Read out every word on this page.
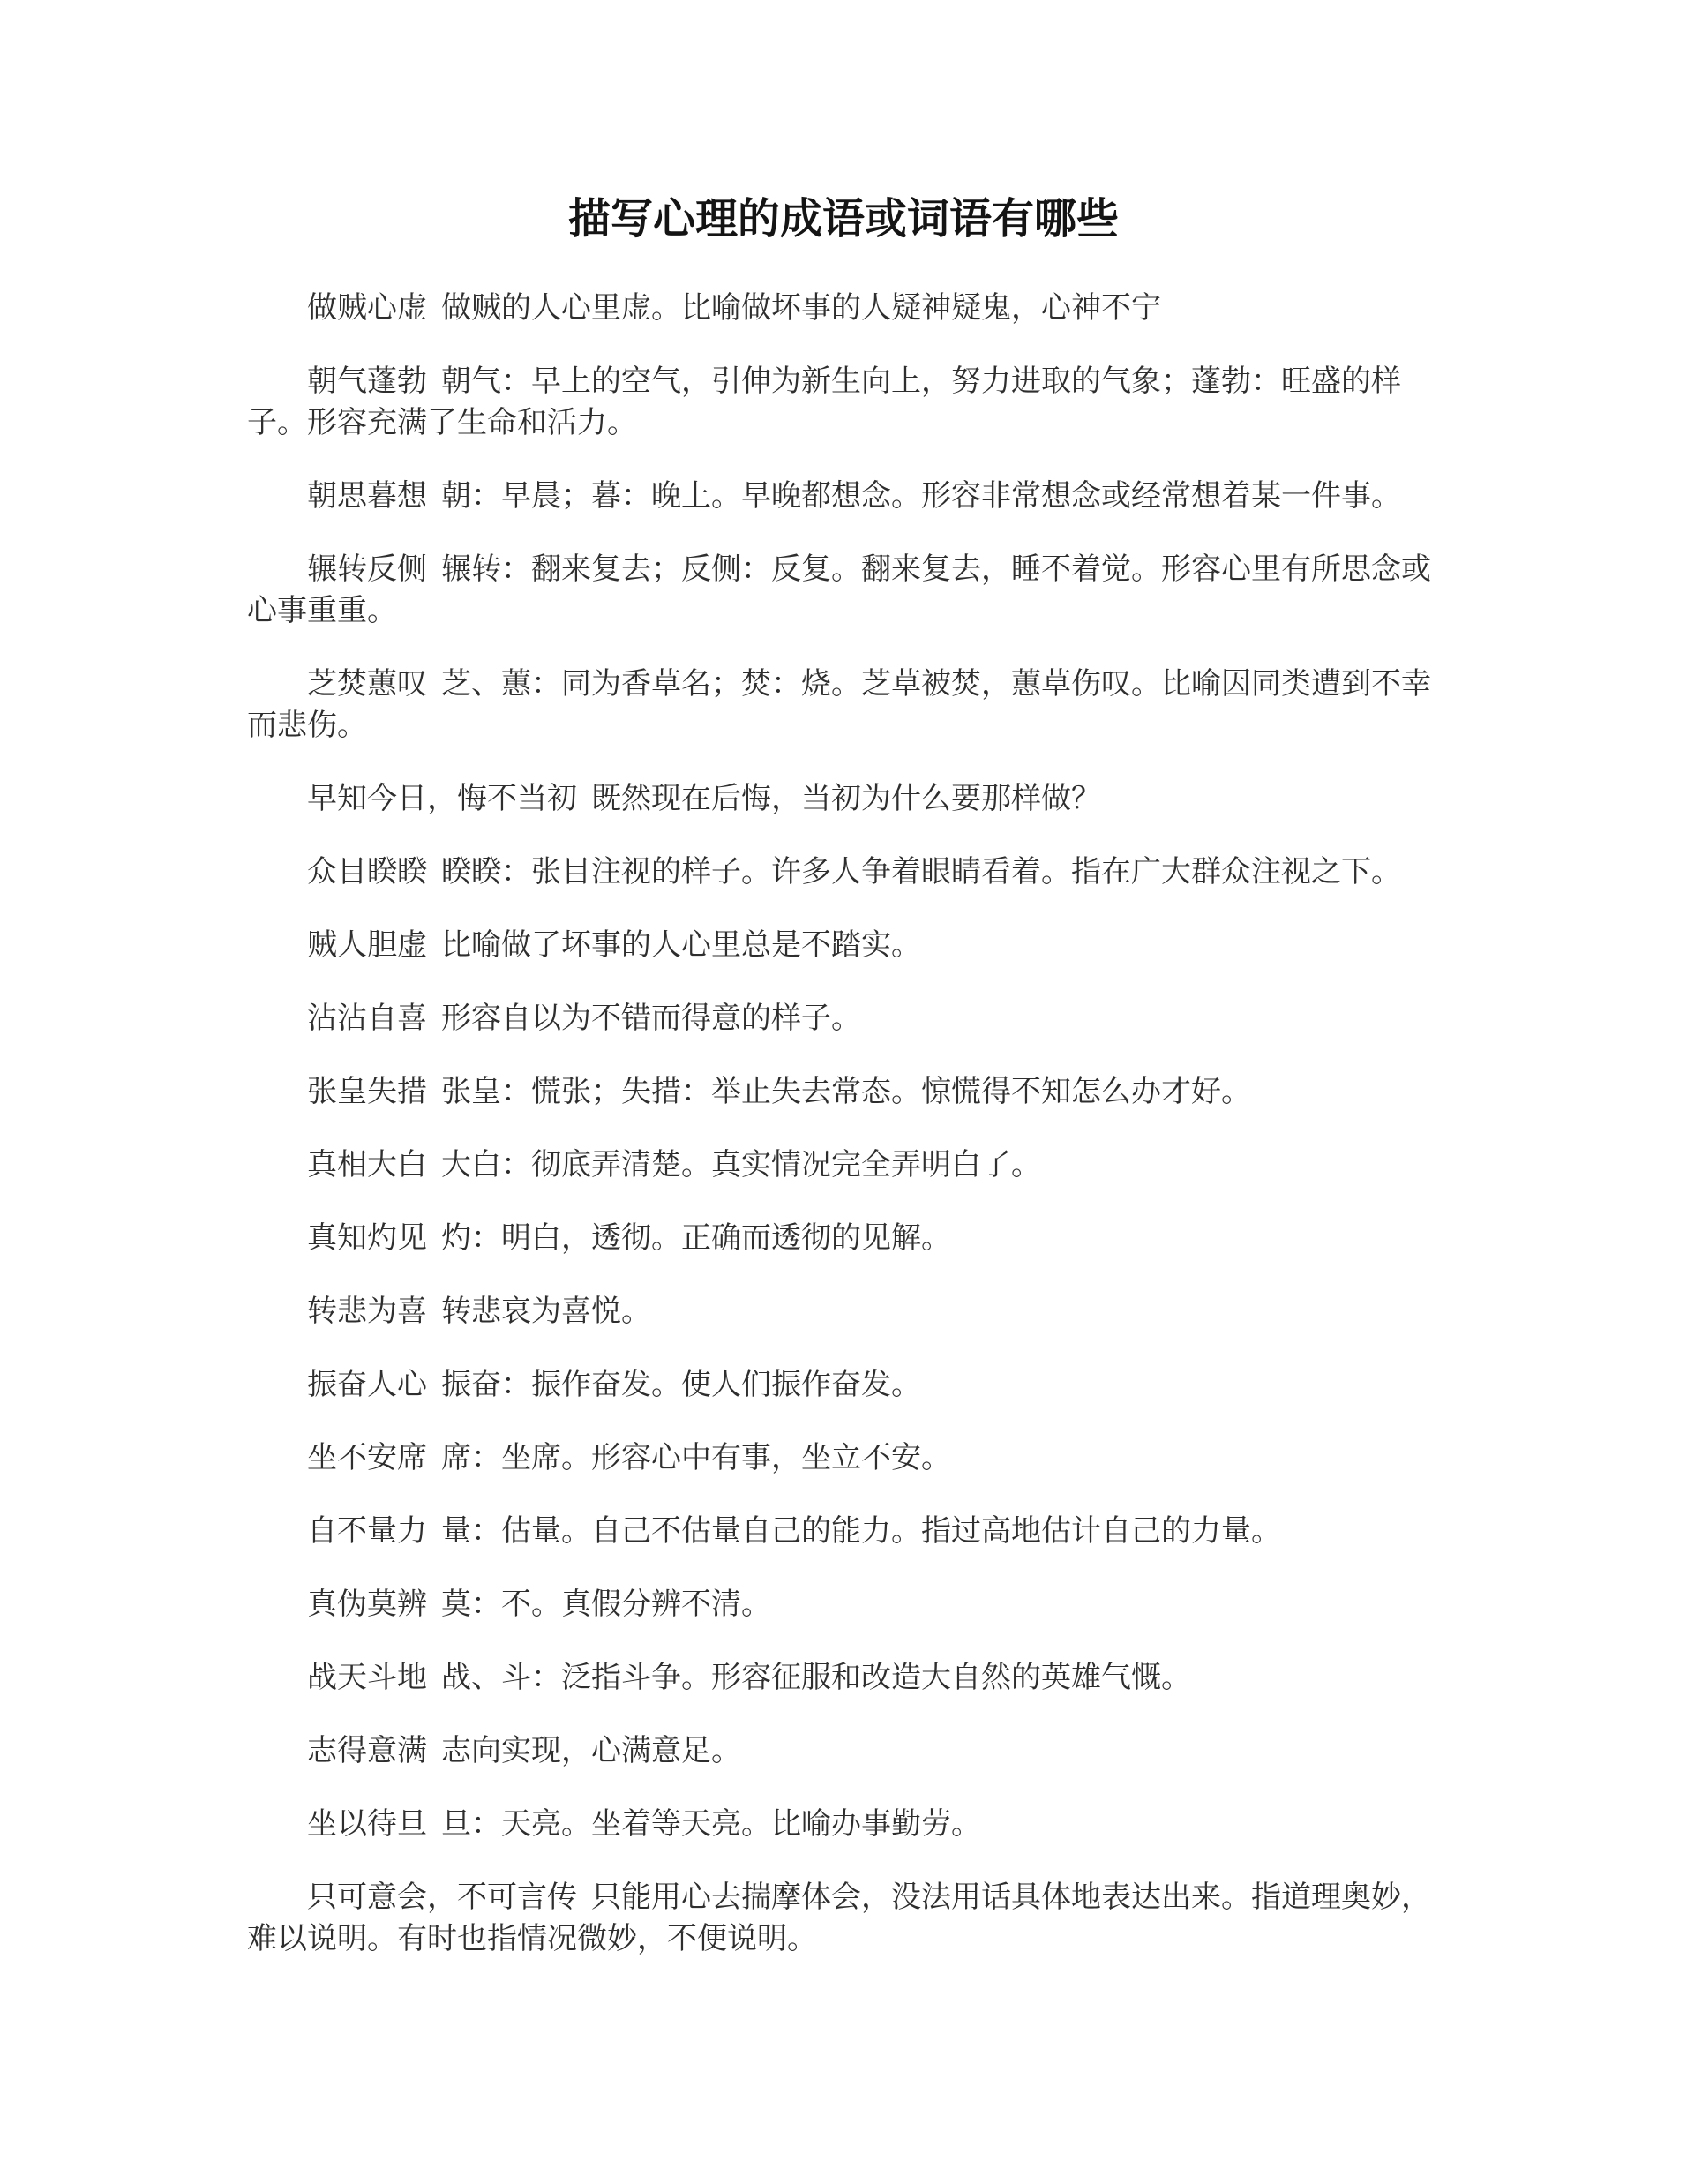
描写心理的成语或词语有哪些

做贼心虚 做贼的人心里虚。比喻做坏事的人疑神疑鬼，心神不宁

朝气蓬勃 朝气：早上的空气，引伸为新生向上，努力进取的气象；蓬勃：旺盛的样子。形容充满了生命和活力。

朝思暮想 朝：早晨；暮：晚上。早晚都想念。形容非常想念或经常想着某一件事。

辗转反侧 辗转：翻来复去；反侧：反复。翻来复去，睡不着觉。形容心里有所思念或心事重重。

芝焚蕙叹 芝、蕙：同为香草名；焚：烧。芝草被焚，蕙草伤叹。比喻因同类遭到不幸而悲伤。

早知今日，悔不当初 既然现在后悔，当初为什么要那样做？

众目睽睽 睽睽：张目注视的样子。许多人争着眼睛看着。指在广大群众注视之下。

贼人胆虚 比喻做了坏事的人心里总是不踏实。

沾沾自喜 形容自以为不错而得意的样子。

张皇失措 张皇：慌张；失措：举止失去常态。惊慌得不知怎么办才好。

真相大白 大白：彻底弄清楚。真实情况完全弄明白了。

真知灼见 灼：明白，透彻。正确而透彻的见解。

转悲为喜 转悲哀为喜悦。

振奋人心 振奋：振作奋发。使人们振作奋发。

坐不安席 席：坐席。形容心中有事，坐立不安。

自不量力 量：估量。自己不估量自己的能力。指过高地估计自己的力量。

真伪莫辨 莫：不。真假分辨不清。

战天斗地 战、斗：泛指斗争。形容征服和改造大自然的英雄气慨。

志得意满 志向实现，心满意足。

坐以待旦 旦：天亮。坐着等天亮。比喻办事勤劳。

只可意会，不可言传 只能用心去揣摩体会，没法用话具体地表达出来。指道理奥妙，难以说明。有时也指情况微妙，不便说明。
